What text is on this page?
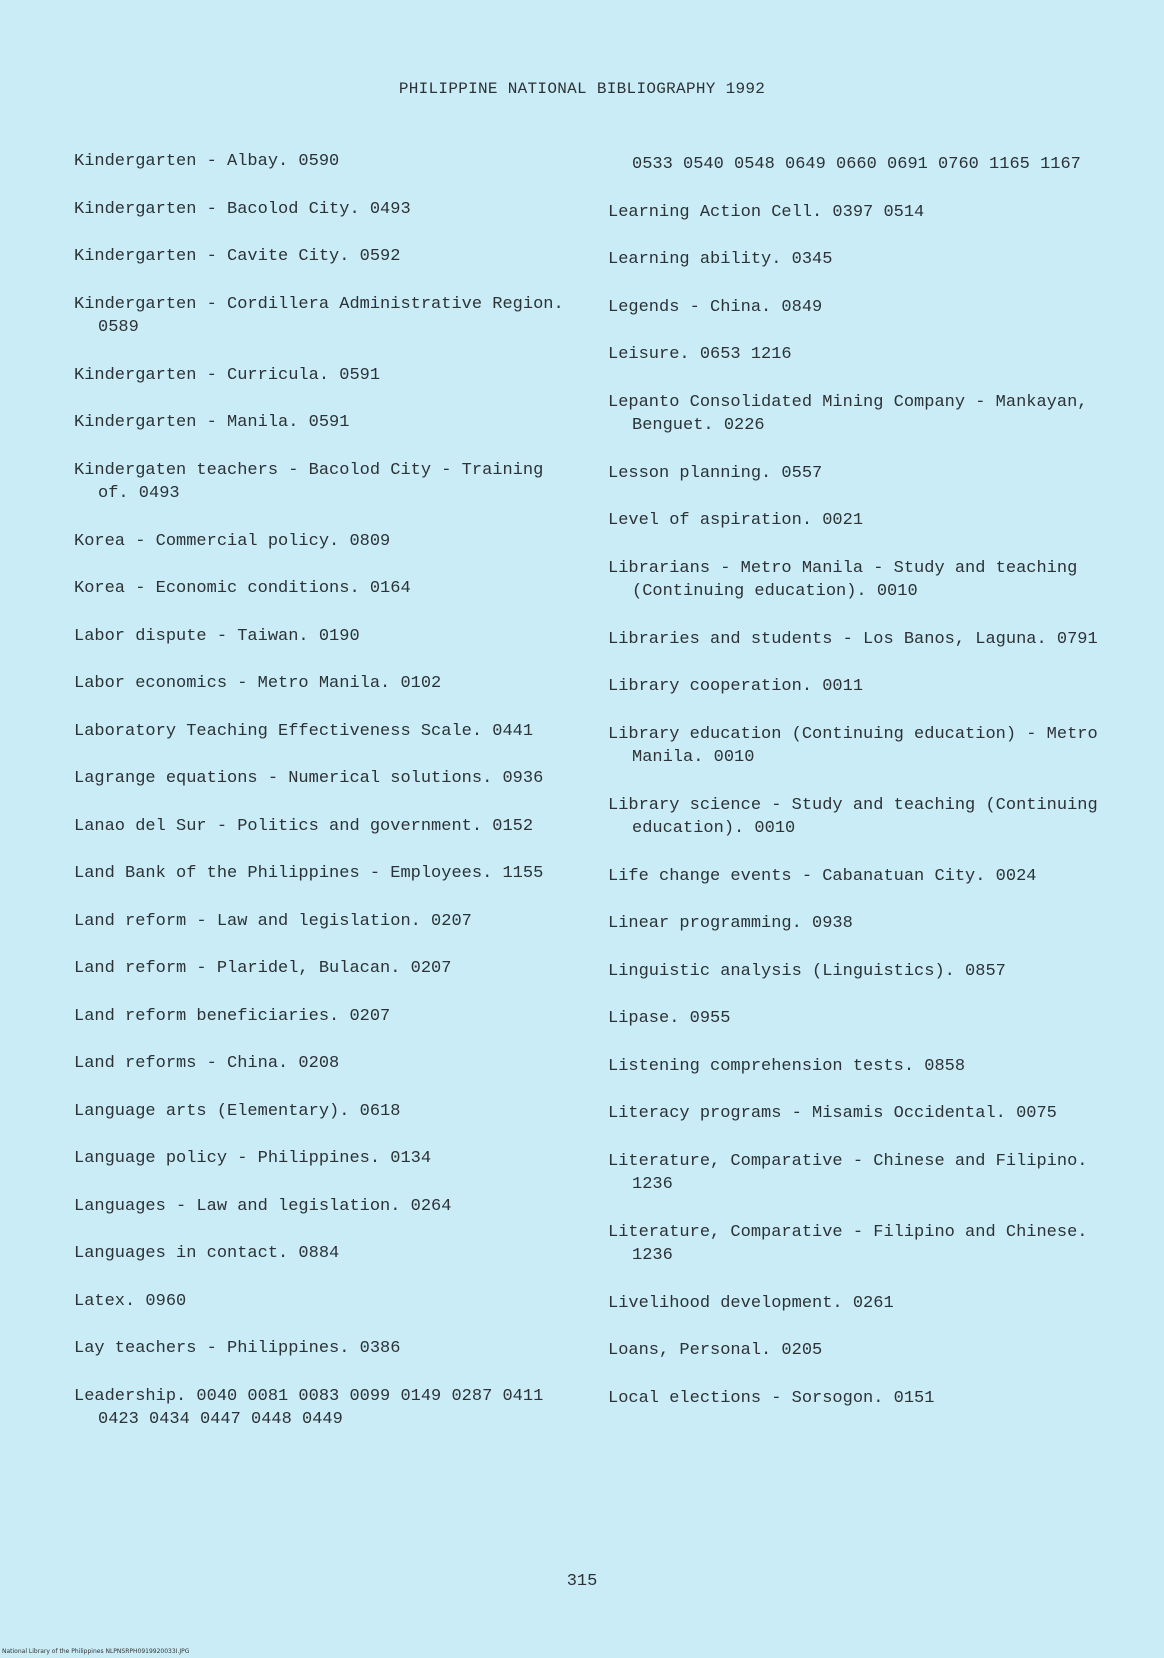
PHILIPPINE NATIONAL BIBLIOGRAPHY 1992
Kindergarten - Albay. 0590
Kindergarten - Bacolod City. 0493
Kindergarten - Cavite City. 0592
Kindergarten - Cordillera Administrative Region. 0589
Kindergarten - Curricula. 0591
Kindergarten - Manila. 0591
Kindergaten teachers - Bacolod City - Training of. 0493
Korea - Commercial policy. 0809
Korea - Economic conditions. 0164
Labor dispute - Taiwan. 0190
Labor economics - Metro Manila. 0102
Laboratory Teaching Effectiveness Scale. 0441
Lagrange equations - Numerical solutions. 0936
Lanao del Sur - Politics and government. 0152
Land Bank of the Philippines - Employees. 1155
Land reform - Law and legislation. 0207
Land reform - Plaridel, Bulacan. 0207
Land reform beneficiaries. 0207
Land reforms - China. 0208
Language arts (Elementary). 0618
Language policy - Philippines. 0134
Languages - Law and legislation. 0264
Languages in contact. 0884
Latex. 0960
Lay teachers - Philippines. 0386
Leadership. 0040 0081 0083 0099 0149 0287 0411 0423 0434 0447 0448 0449
0533 0540 0548 0649 0660 0691 0760 1165 1167
Learning Action Cell. 0397 0514
Learning ability. 0345
Legends - China. 0849
Leisure. 0653 1216
Lepanto Consolidated Mining Company - Mankayan, Benguet. 0226
Lesson planning. 0557
Level of aspiration. 0021
Librarians - Metro Manila - Study and teaching (Continuing education). 0010
Libraries and students - Los Banos, Laguna. 0791
Library cooperation. 0011
Library education (Continuing education) - Metro Manila. 0010
Library science - Study and teaching (Continuing education). 0010
Life change events - Cabanatuan City. 0024
Linear programming. 0938
Linguistic analysis (Linguistics). 0857
Lipase. 0955
Listening comprehension tests. 0858
Literacy programs - Misamis Occidental. 0075
Literature, Comparative - Chinese and Filipino. 1236
Literature, Comparative - Filipino and Chinese. 1236
Livelihood development. 0261
Loans, Personal. 0205
Local elections - Sorsogon. 0151
315
National Library of the Philippines NLPNSRPH0919920033I.JPG
